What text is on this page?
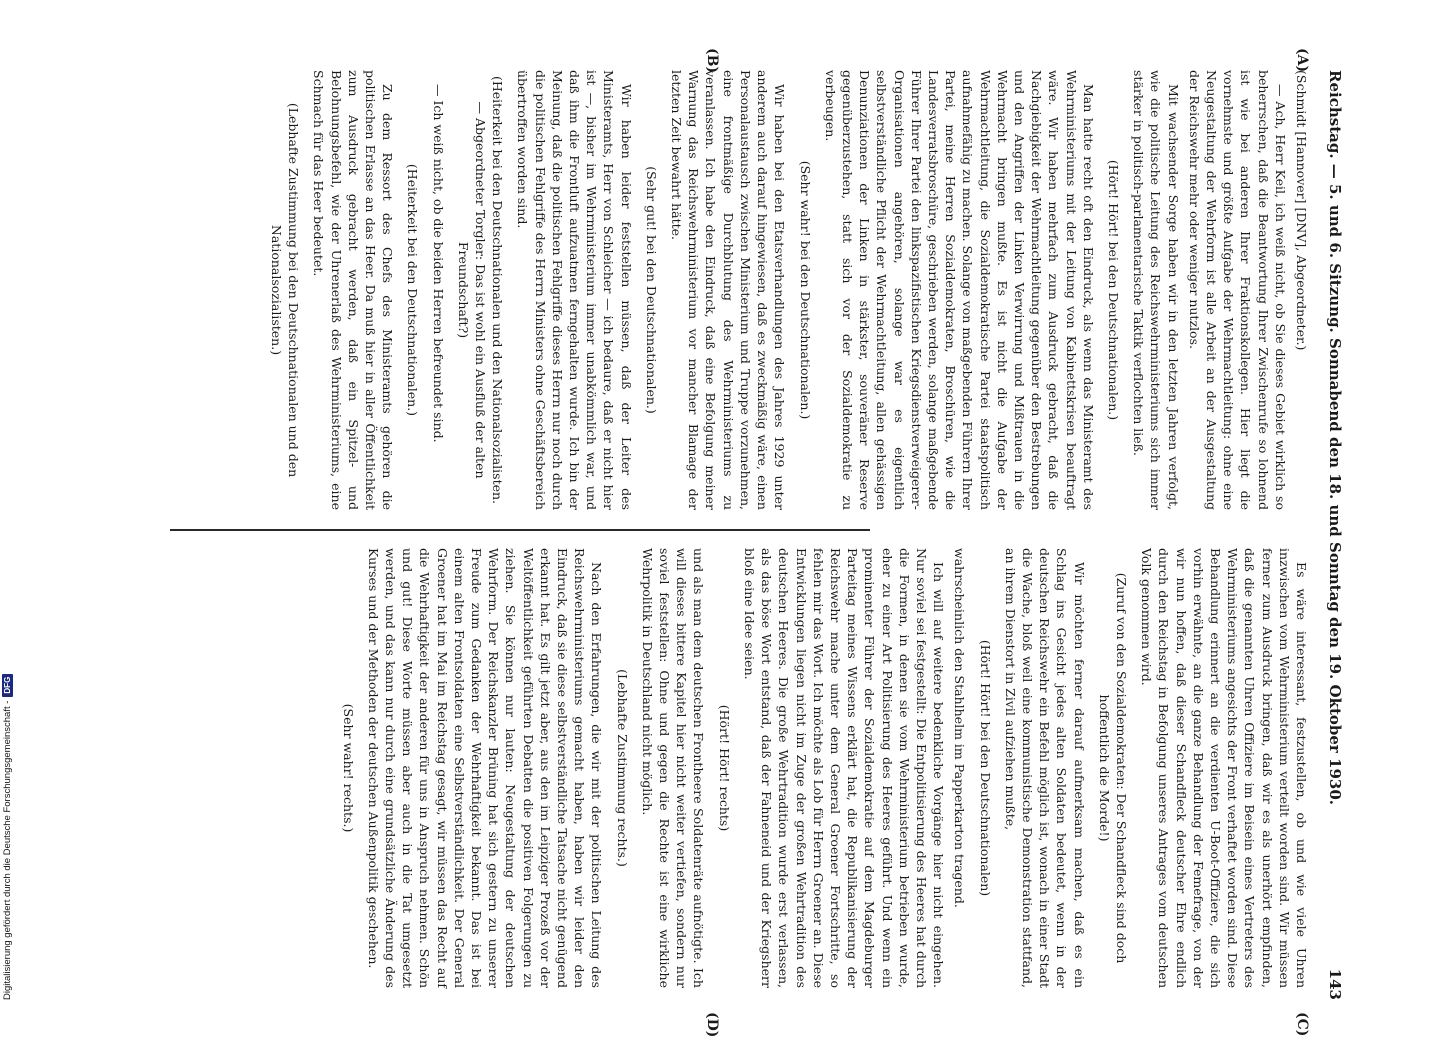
Reichstag. — 5. und 6. Sitzung. Sonnabend den 18. und Sonntag den 19. Oktober 1930.
143
(A)
(B)
(C)
(D)

(Schmidt [Hannover] [DNV], Abgeordneter.)

— Ach, Herr Keil, ich weiß nicht, ob Sie dieses Gebiet wirklich so beherrschen, daß die Beantwortung Ihrer Zwischenrufe so lohnend ist wie bei anderen Ihrer Fraktionskollegen. Hier liegt die vornehmste und größte Aufgabe der Wehrmachtleitung: ohne eine Neugestaltung der Wehrform ist alle Arbeit an der Ausgestaltung der Reichswehr mehr oder weniger nutzlos.

Mit wachsender Sorge haben wir in den letzten Jahren verfolgt, wie die politische Leitung des Reichswehrministeriums sich immer stärker in politisch-parlamentarische Taktik verflochten ließ.

(Hört! Hört! bei den Deutschnationalen.)

Man hatte recht oft den Eindruck, als wenn das Ministeramt des Wehrministeriums mit der Leitung von Kabinettskrisen beauftragt wäre. Wir haben mehrfach zum Ausdruck gebracht, daß die Nachgiebigkeit der Wehrmachtleitung gegenüber den Bestrebungen und den Angriffen der Linken Verwirrung und Mißtrauen in die Wehrmacht bringen mußte. Es ist nicht die Aufgabe der Wehrmachtleitung, die Sozialdemokratische Partei staatspolitisch aufnahmefähig zu machen. Solange von maßgebenden Führern Ihrer Partei, meine Herren Sozialdemokraten, Broschüren, wie die Landesverratsbroschüre, geschrieben werden, solange maßgebende Führer Ihrer Partei den linkspazifistischen Kriegsdienstverweigerer-Organisationen angehören, solange war es eigentlich selbstverständliche Pflicht der Wehrmachtleitung, allen gehässigen Denunziationen der Linken in stärkster, souveräner Reserve gegenüberzustehen, statt sich vor der Sozialdemokratie zu verbeugen.

(Sehr wahr! bei den Deutschnationalen.)

Wir haben bei den Etatsverhandlungen des Jahres 1929 unter anderem auch darauf hingewiesen, daß es zweckmäßig wäre, einen Personalaustausch zwischen Ministerium und Truppe vorzunehmen, eine frontmäßige Durchblutung des Wehrministeriums zu veranlassen. Ich habe den Eindruck, daß eine Befolgung meiner Warnung das Reichswehrministerium vor mancher Blamage der letzten Zeit bewahrt hätte.

(Sehr gut! bei den Deutschnationalen.)

Wir haben leider feststellen müssen, daß der Leiter des Ministeramts, Herr von Schleicher — ich bedaure, daß er nicht hier ist —, bisher im Wehrministerium immer unabkömmlich war, und daß ihm die Frontluft aufzuatmen ferngehalten wurde. Ich bin der Meinung, daß die politischen Fehlgriffe dieses Herrn nur noch durch die politischen Fehlgriffe des Herrn Ministers ohne Geschäftsbereich übertroffen worden sind.

(Heiterkeit bei den Deutschnationalen und den Nationalsozialisten. — Abgeordneter Torgler: Das ist wohl ein Ausfluß der alten Freundschaft?)

— Ich weiß nicht, ob die beiden Herren befreundet sind.

(Heiterkeit bei den Deutschnationalen.)

Zu dem Ressort des Chefs des Ministeramts gehören die politischen Erlasse an das Heer. Da muß hier in aller Öffentlichkeit zum Ausdruck gebracht werden, daß ein Spitzel- und Belohnungsbefehl, wie der Uhrenerlaß des Wehrministeriums, eine Schmach für das Heer bedeutet.

(Lebhafte Zustimmung bei den Deutschnationalen und den Nationalsozialisten.)

Es wäre interessant, festzustellen, ob und wie viele Uhren inzwischen vom Wehrministerium verteilt worden sind. Wir müssen ferner zum Ausdruck bringen, daß wir es als unerhört empfinden, daß die genannten Uhren Offiziere im Beisein eines Vertreters des Wehrministeriums angesichts der Front verhaftet worden sind. Diese Behandlung erinnert an die verdienten U-Boot-Offiziere, die sich vorhin erwähnte, an die ganze Behandlung der Femefrage, von der wir nun hoffen, daß dieser Schandfleck deutscher Ehre endlich durch den Reichstag in Befolgung unseres Antrages vom deutschen Volk genommen wird.

(Zuruf von den Sozialdemokraten: Der Schandfleck sind doch hoffentlich die Morde!)

Wir möchten ferner darauf aufmerksam machen, daß es ein Schlag ins Gesicht jedes alten Soldaten bedeutet, wenn in der deutschen Reichswehr ein Befehl möglich ist, wonach in einer Stadt die Wache, bloß weil eine kommunistische Demonstration stattfand, an ihrem Dienstort in Zivil aufziehen mußte,

(Hört! Hört! bei den Deutschnationalen)

wahrscheinlich den Stahlhelm im Papperkarton tragend.

Ich will auf weitere bedenkliche Vorgänge hier nicht eingehen. Nur soviel sei festgestellt: Die Entpolitisierung des Heeres hat durch die Formen, in denen sie vom Wehrministerium betrieben wurde, eher zu einer Art Politisierung des Heeres geführt. Und wenn ein prominenter Führer der Sozialdemokratie auf dem Magdeburger Parteitag meines Wissens erklärt hat, die Republikanisierung der Reichswehr mache unter dem General Groener Fortschritte, so fehlen mir das Wort. Ich möchte als Lob für Herrn Groener an. Diese Entwicklungen liegen nicht im Zuge der großen Wehrtradition des deutschen Heeres. Die große Wehrtradition wurde erst verlassen, als das böse Wort entstand, daß der Fahneneid und der Kriegsherr bloß eine Idee seien.

(Hört! Hört! rechts)

und als man dem deutschen Frontheere Soldatenräte aufnötigte. Ich will dieses bittere Kapitel hier nicht weiter vertiefen, sondern nur soviel feststellen: Ohne und gegen die Rechte ist eine wirkliche Wehrpolitik in Deutschland nicht möglich.

(Lebhafte Zustimmung rechts.)

Nach den Erfahrungen, die wir mit der politischen Leitung des Reichswehrministeriums gemacht haben, haben wir leider den Eindruck, daß sie diese selbstverständliche Tatsache nicht genügend erkannt hat. Es gilt jetzt aber, aus den im Leipziger Prozeß vor der Weltöffentlichkeit geführten Debatten die positiven Folgerungen zu ziehen. Sie können nur lauten: Neugestaltung der deutschen Wehrform. Der Reichskanzler Brüning hat sich gestern zu unserer Freude zum Gedanken der Wehrhaftigkeit bekannt. Das ist bei einem alten Frontsoldaten eine Selbstverständlichkeit. Der General Groener hat im Mai im Reichstag gesagt, wir müssen das Recht auf die Wehrhaftigkeit der anderen für uns in Anspruch nehmen. Schön und gut! Diese Worte müssen aber auch in die Tat umgesetzt werden, und das kann nur durch eine grundsätzliche Änderung des Kurses und der Methoden der deutschen Außenpolitik geschehen.

(Sehr wahr! rechts.)

Digitalisierung gefördert durch die Deutsche Forschungsgemeinschaft -
DFG
